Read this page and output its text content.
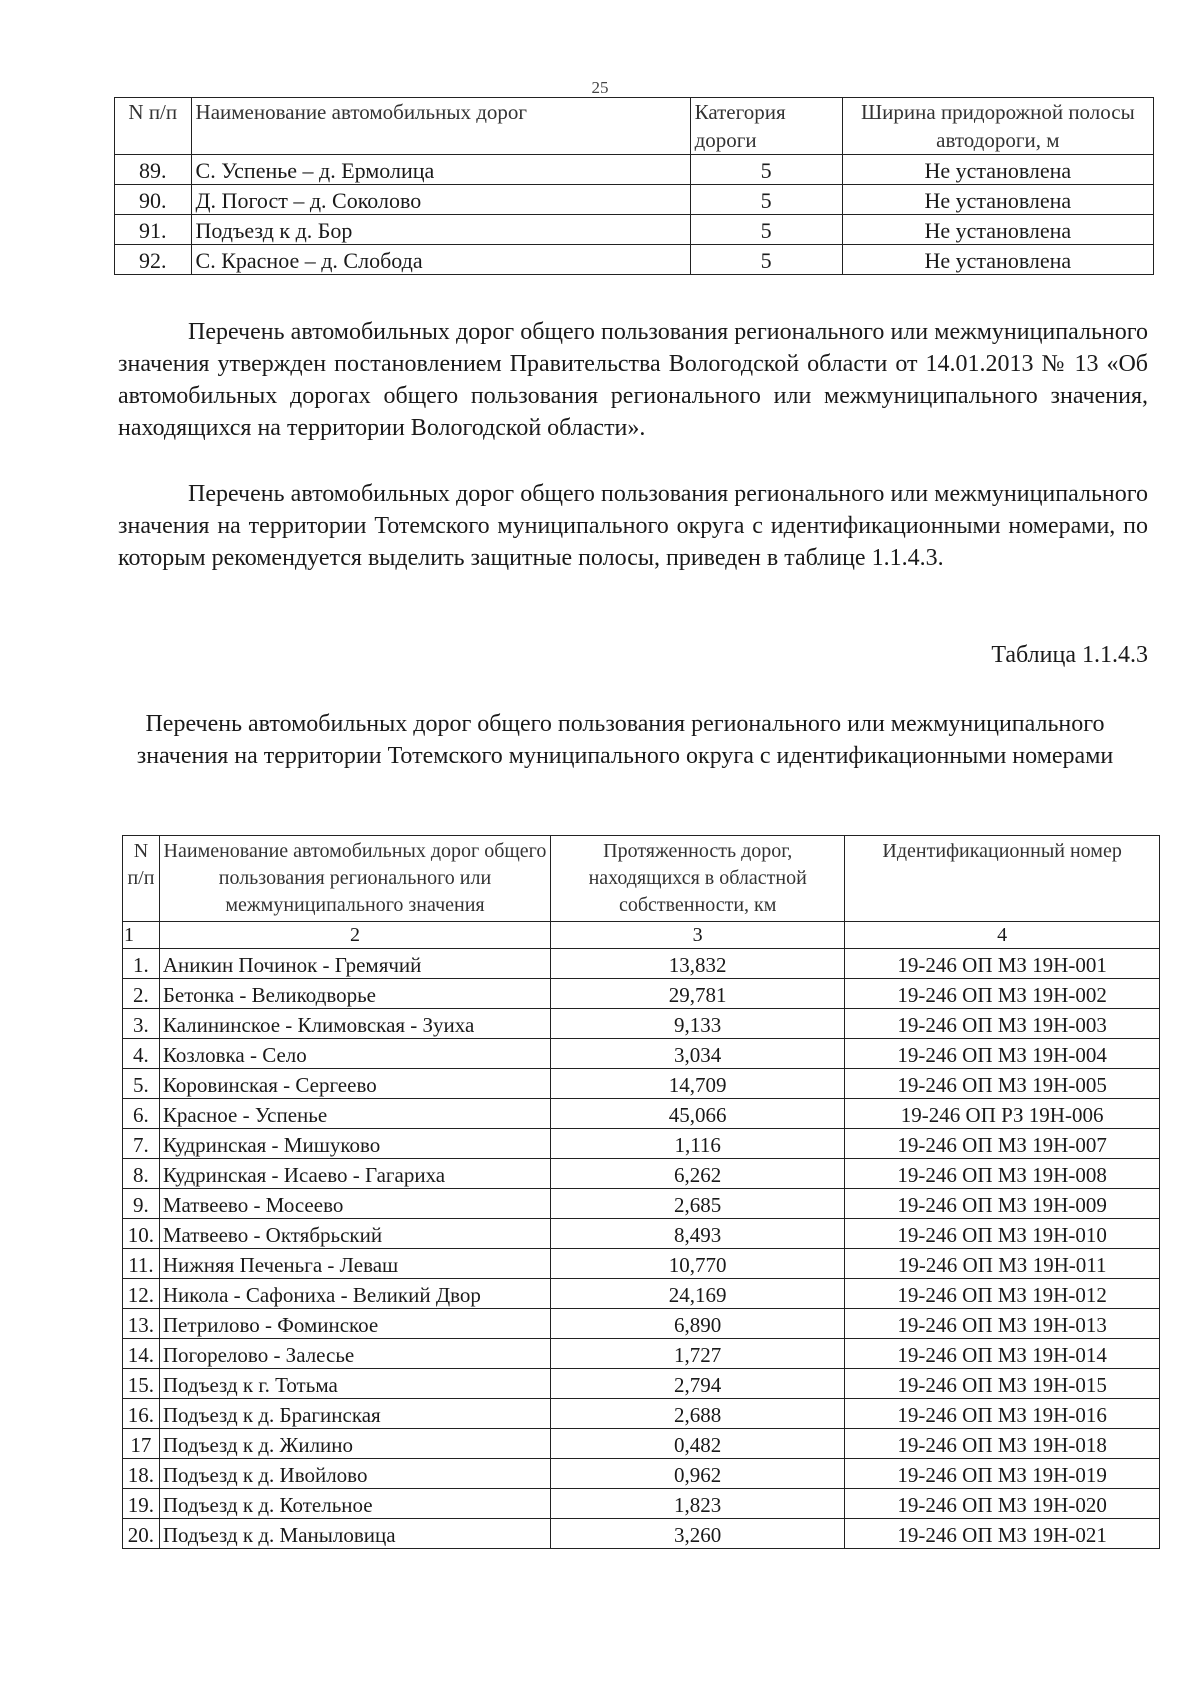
25
N п/п	Наименование автомобильных дорог	Категория дороги	Ширина придорожной полосы автодороги, м
89.	С. Успенье – д. Ермолица	5	Не установлена
90.	Д. Погост – д. Соколово	5	Не установлена
91.	Подъезд к д. Бор	5	Не установлена
92.	С. Красное – д. Слобода	5	Не установлена

Перечень автомобильных дорог общего пользования регионального или межмуниципального значения утвержден постановлением Правительства Вологодской области от 14.01.2013 № 13 «Об автомобильных дорогах общего пользования регионального или межмуниципального значения, находящихся на территории Вологодской области».

Перечень автомобильных дорог общего пользования регионального или межмуниципального значения на территории Тотемского муниципального округа с идентификационными номерами, по которым рекомендуется выделить защитные полосы, приведен в таблице 1.1.4.3.

Таблица 1.1.4.3

Перечень автомобильных дорог общего пользования регионального или межмуниципального значения на территории Тотемского муниципального округа с идентификационными номерами

N п/п	Наименование автомобильных дорог общего пользования регионального или межмуниципального значения	Протяженность дорог, находящихся в областной собственности, км	Идентификационный номер
1	2	3	4
1.	Аникин Починок - Гремячий	13,832	19-246 ОП МЗ 19Н-001
2.	Бетонка - Великодворье	29,781	19-246 ОП МЗ 19Н-002
3.	Калининское - Климовская - Зуиха	9,133	19-246 ОП МЗ 19Н-003
4.	Козловка - Село	3,034	19-246 ОП МЗ 19Н-004
5.	Коровинская - Сергеево	14,709	19-246 ОП МЗ 19Н-005
6.	Красное - Успенье	45,066	19-246 ОП РЗ 19Н-006
7.	Кудринская - Мишуково	1,116	19-246 ОП МЗ 19Н-007
8.	Кудринская - Исаево - Гагариха	6,262	19-246 ОП МЗ 19Н-008
9.	Матвеево - Мосеево	2,685	19-246 ОП МЗ 19Н-009
10.	Матвеево - Октябрьский	8,493	19-246 ОП МЗ 19Н-010
11.	Нижняя Печеньга - Леваш	10,770	19-246 ОП МЗ 19Н-011
12.	Никола - Сафониха - Великий Двор	24,169	19-246 ОП МЗ 19Н-012
13.	Петрилово - Фоминское	6,890	19-246 ОП МЗ 19Н-013
14.	Погорелово - Залесье	1,727	19-246 ОП МЗ 19Н-014
15.	Подъезд к г. Тотьма	2,794	19-246 ОП МЗ 19Н-015
16.	Подъезд к д. Брагинская	2,688	19-246 ОП МЗ 19Н-016
17	Подъезд к д. Жилино	0,482	19-246 ОП МЗ 19Н-018
18.	Подъезд к д. Ивойлово	0,962	19-246 ОП МЗ 19Н-019
19.	Подъезд к д. Котельное	1,823	19-246 ОП МЗ 19Н-020
20.	Подъезд к д. Маныловица	3,260	19-246 ОП МЗ 19Н-021
